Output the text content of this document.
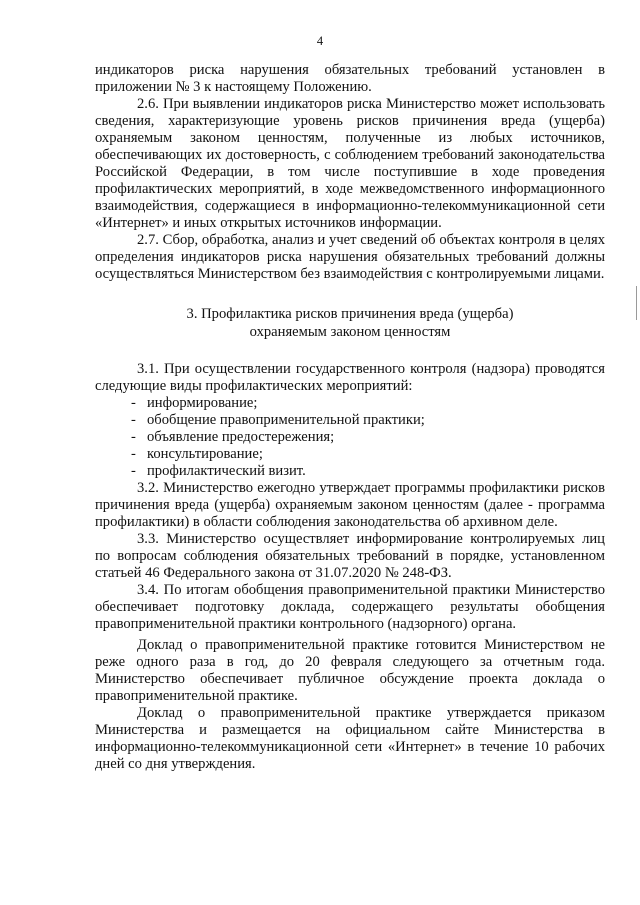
4

индикаторов риска нарушения обязательных требований установлен в приложении № 3 к настоящему Положению.

2.6. При выявлении индикаторов риска Министерство может использовать сведения, характеризующие уровень рисков причинения вреда (ущерба) охраняемым законом ценностям, полученные из любых источников, обеспечивающих их достоверность, с соблюдением требований законодательства Российской Федерации, в том числе поступившие в ходе проведения профилактических мероприятий, в ходе межведомственного информационного взаимодействия, содержащиеся в информационно-телекоммуникационной сети «Интернет» и иных открытых источников информации.

2.7. Сбор, обработка, анализ и учет сведений об объектах контроля в целях определения индикаторов риска нарушения обязательных требований должны осуществляться Министерством без взаимодействия с контролируемыми лицами.

3. Профилактика рисков причинения вреда (ущерба)
охраняемым законом ценностям

3.1. При осуществлении государственного контроля (надзора) проводятся следующие виды профилактических мероприятий:

- информирование;
- обобщение правоприменительной практики;
- объявление предостережения;
- консультирование;
- профилактический визит.

3.2. Министерство ежегодно утверждает программы профилактики рисков причинения вреда (ущерба) охраняемым законом ценностям (далее - программа профилактики) в области соблюдения законодательства об архивном деле.

3.3. Министерство осуществляет информирование контролируемых лиц по вопросам соблюдения обязательных требований в порядке, установленном статьей 46 Федерального закона от 31.07.2020 № 248-ФЗ.

3.4. По итогам обобщения правоприменительной практики Министерство обеспечивает подготовку доклада, содержащего результаты обобщения правоприменительной практики контрольного (надзорного) органа.

Доклад о правоприменительной практике готовится Министерством не реже одного раза в год, до 20 февраля следующего за отчетным года. Министерство обеспечивает публичное обсуждение проекта доклада о правоприменительной практике.

Доклад о правоприменительной практике утверждается приказом Министерства и размещается на официальном сайте Министерства в информационно-телекоммуникационной сети «Интернет» в течение 10 рабочих дней со дня утверждения.
